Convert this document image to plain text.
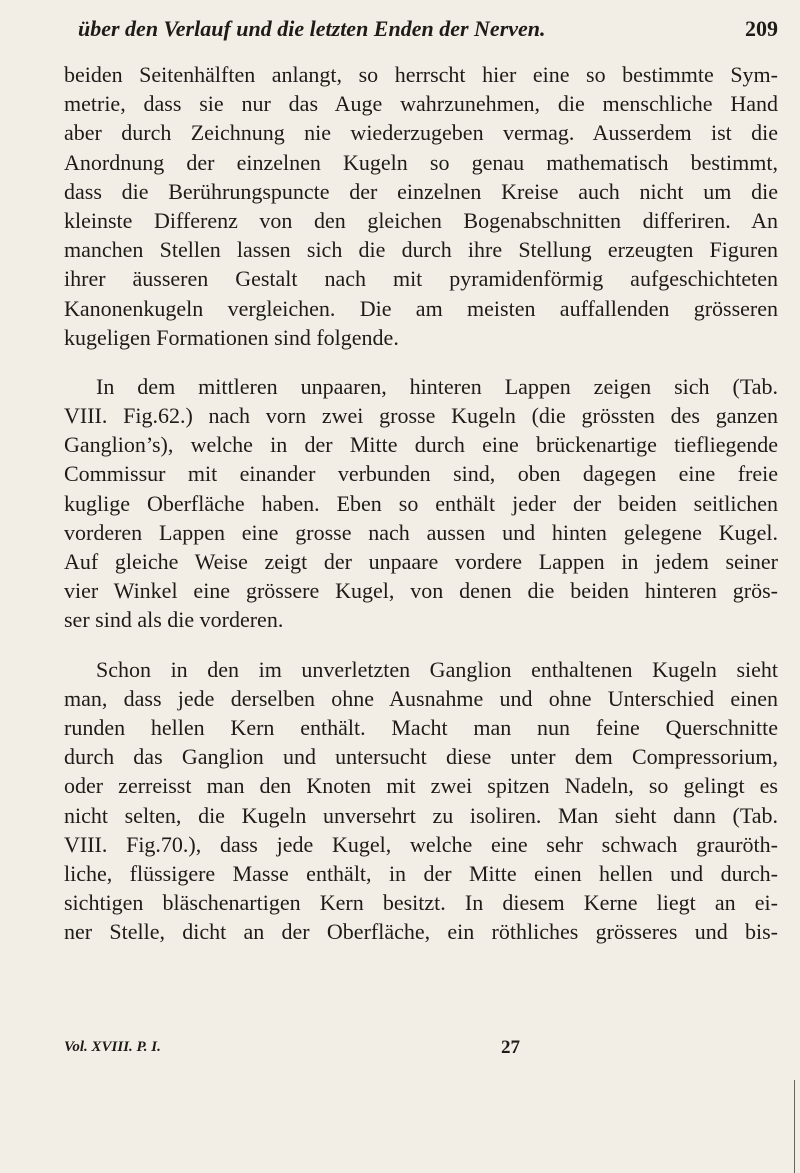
über den Verlauf und die letzten Enden der Nerven.	209

beiden Seitenhälften anlangt, so herrscht hier eine so bestimmte Sym-
metrie, dass sie nur das Auge wahrzunehmen, die menschliche Hand
aber durch Zeichnung nie wiederzugeben vermag. Ausserdem ist die
Anordnung der einzelnen Kugeln so genau mathematisch bestimmt,
dass die Berührungspuncte der einzelnen Kreise auch nicht um die
kleinste Differenz von den gleichen Bogenabschnitten differiren. An
manchen Stellen lassen sich die durch ihre Stellung erzeugten Figuren
ihrer äusseren Gestalt nach mit pyramidenförmig aufgeschichteten
Kanonenkugeln vergleichen. Die am meisten auffallenden grösseren
kugeligen Formationen sind folgende.

In dem mittleren unpaaren, hinteren Lappen zeigen sich (Tab.
VIII. Fig.62.) nach vorn zwei grosse Kugeln (die grössten des ganzen
Ganglion’s), welche in der Mitte durch eine brückenartige tiefliegende
Commissur mit einander verbunden sind, oben dagegen eine freie
kuglige Oberfläche haben. Eben so enthält jeder der beiden seitlichen
vorderen Lappen eine grosse nach aussen und hinten gelegene Kugel.
Auf gleiche Weise zeigt der unpaare vordere Lappen in jedem seiner
vier Winkel eine grössere Kugel, von denen die beiden hinteren grös-
ser sind als die vorderen.

Schon in den im unverletzten Ganglion enthaltenen Kugeln sieht
man, dass jede derselben ohne Ausnahme und ohne Unterschied einen
runden hellen Kern enthält. Macht man nun feine Querschnitte
durch das Ganglion und untersucht diese unter dem Compressorium,
oder zerreisst man den Knoten mit zwei spitzen Nadeln, so gelingt es
nicht selten, die Kugeln unversehrt zu isoliren. Man sieht dann (Tab.
VIII. Fig.70.), dass jede Kugel, welche eine sehr schwach grauröth-
liche, flüssigere Masse enthält, in der Mitte einen hellen und durch-
sichtigen bläschenartigen Kern besitzt. In diesem Kerne liegt an ei-
ner Stelle, dicht an der Oberfläche, ein röthliches grösseres und bis-

Vol. XVIII. P. I.	27
